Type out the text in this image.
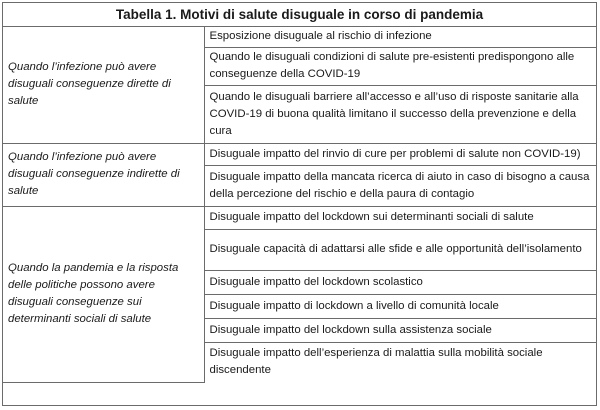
Tabella 1. Motivi di salute disuguale in corso di pandemia
Quando l’infezione può avere disuguali conseguenze dirette di salute	Esposizione disuguale al rischio di infezione
	Quando le disuguali condizioni di salute pre-esistenti predispongono alle conseguenze della COVID-19
	Quando le disuguali barriere all’accesso e all’uso di risposte sanitarie alla COVID-19 di buona qualità limitano il successo della prevenzione e della cura
Quando l’infezione può avere disuguali conseguenze indirette di salute	Disuguale impatto del rinvio di cure per problemi di salute non COVID-19)
	Disuguale impatto della mancata ricerca di aiuto in caso di bisogno a causa della percezione del rischio e della paura di contagio
Quando la pandemia e la risposta delle politiche possono avere disuguali conseguenze sui determinanti sociali di salute	Disuguale impatto del lockdown sui determinanti sociali di salute
	Disuguale capacità di adattarsi alle sfide e alle opportunità dell’isolamento
	Disuguale impatto del lockdown scolastico
	Disuguale impatto di lockdown a livello di comunità locale
	Disuguale impatto del lockdown sulla assistenza sociale
	Disuguale impatto dell’esperienza di malattia sulla mobilità sociale discendente
